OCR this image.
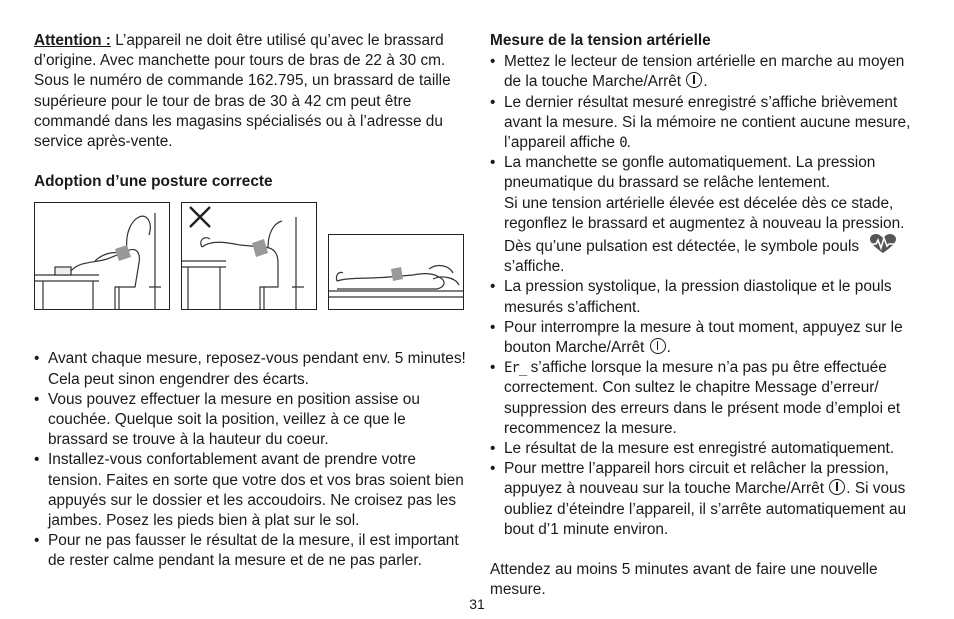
Attention : L’appareil ne doit être utilisé qu’avec le brassard d’origine. Avec manchette pour tours de bras de 22 à 30 cm. Sous le numéro de commande 162.795, un brassard de taille supérieure pour le tour de bras de 30 à 42 cm peut être commandé dans les magasins spécialisés ou à l’adresse du service après-vente.

Adoption d’une posture correcte

• Avant chaque mesure, reposez-vous pendant env. 5 minutes! Cela peut sinon engendrer des écarts.
• Vous pouvez effectuer la mesure en position assise ou couchée. Quelque soit la position, veillez à ce que le brassard se trouve à la hauteur du coeur.
• Installez-vous confortablement avant de prendre votre tension. Faites en sorte que votre dos et vos bras soient bien appuyés sur le dossier et les accoudoirs. Ne croisez pas les jambes. Posez les pieds bien à plat sur le sol.
• Pour ne pas fausser le résultat de la mesure, il est important de rester calme pendant la mesure et de ne pas parler.

Mesure de la tension artérielle

• Mettez le lecteur de tension artérielle en marche au moyen de la touche Marche/Arrêt .
• Le dernier résultat mesuré enregistré s’affiche brièvement avant la mesure. Si la mémoire ne contient aucune mesure, l’appareil affiche 0.
• La manchette se gonfle automatiquement. La pression pneumatique du brassard se relâche lentement.
Si une tension artérielle élevée est décelée dès ce stade, regonflez le brassard et augmentez à nouveau la pression. Dès qu’une pulsation est détectée, le symbole pouls
s’affiche.
• La pression systolique, la pression diastolique et le pouls mesurés s’affichent.
• Pour interrompre la mesure à tout moment, appuyez sur le bouton Marche/Arrêt .
• Er_ s’affiche lorsque la mesure n’a pas pu être effectuée correctement. Con sultez le chapitre Message d’erreur/ suppression des erreurs dans le présent mode d’emploi et recommencez la mesure.
• Le résultat de la mesure est enregistré automatiquement.
• Pour mettre l’appareil hors circuit et relâcher la pression, appuyez à nouveau sur la touche Marche/Arrêt . Si vous oubliez d’éteindre l’appareil, il s’arrête automatiquement au bout d’1 minute environ.

Attendez au moins 5 minutes avant de faire une nouvelle mesure.

31
